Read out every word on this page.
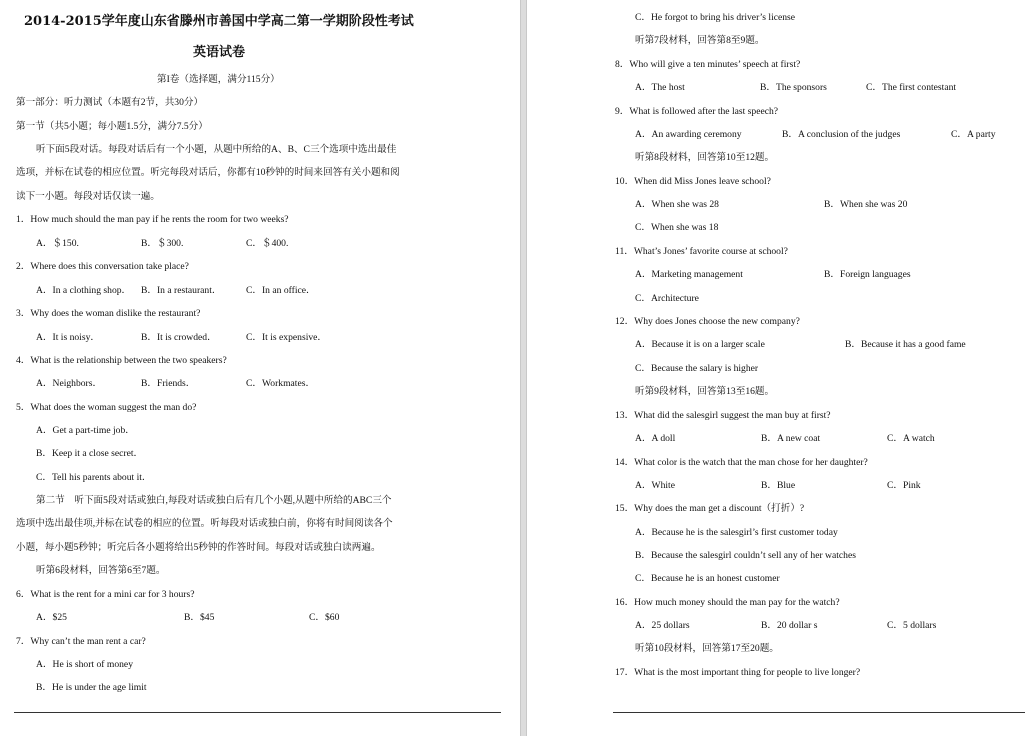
2014-2015学年度山东省滕州市善国中学高二第一学期阶段性考试
英语试卷
第I卷（选择题，满分115分）
第一部分：听力测试（本题有2节，共30分）
第一节（共5小题；每小题1.5分，满分7.5分）
听下面5段对话。每段对话后有一个小题，从题中所给的A、B、C三个选项中选出最佳
选项，并标在试卷的相应位置。听完每段对话后，你都有10秒钟的时间来回答有关小题和阅
读下一小题。每段对话仅读一遍。
1．How much should the man pay if he rents the room for two weeks?
A．＄150.	B．＄300.	C．＄400.
2．Where does this conversation take place?
A．In a clothing shop． B．In a restaurant．	C．In an office．
3．Why does the woman dislike the restaurant?
A．It is noisy．	B．It is crowded．	C．It is expensive．
4．What is the relationship between the two speakers?
A．Neighbors．	B．Friends．	C．Workmates．
5．What does the woman suggest the man do?
A．Get a part-time job．
B．Keep it a close secret．
C．Tell his parents about it．
第二节　听下面5段对话或独白,每段对话或独白后有几个小题,从题中所给的ABC三个
选项中选出最佳项,并标在试卷的相应的位置。听每段对话或独白前，你将有时间阅读各个
小题，每小题5秒钟；听完后各小题将给出5秒钟的作答时间。每段对话或独白读两遍。
听第6段材料，回答第6至7题。
6．What is the rent for a mini car for 3 hours?
A．$25	B．$45	C．$60
7．Why can’t the man rent a car?
A．He is short of money
B．He is under the age limit
C．He forgot to bring his driver’s license
听第7段材料，回答第8至9题。
8．Who will give a ten minutes’ speech at first?
A．The host	B．The sponsors	C．The first contestant
9．What is followed after the last speech?
A．An awarding ceremony	B．A conclusion of the judges	C．A party
听第8段材料，回答第10至12题。
10．When did Miss Jones leave school?
A．When she was 28	B．When she was 20
C．When she was 18
11．What’s Jones’ favorite course at school?
A．Marketing management	B．Foreign languages
C．Architecture
12．Why does Jones choose the new company?
A．Because it is on a larger scale	B．Because it has a good fame
C．Because the salary is higher
听第9段材料，回答第13至16题。
13．What did the salesgirl suggest the man buy at first?
A．A doll	B．A new coat	C．A watch
14．What color is the watch that the man chose for her daughter?
A．White	B．Blue	C．Pink
15．Why does the man get a discount（打折）?
A．Because he is the salesgirl’s first customer today
B．Because the salesgirl couldn’t sell any of her watches
C．Because he is an honest customer
16．How much money should the man pay for the watch?
A．25 dollars	B．20 dollar s	C．5 dollars
听第10段材料，回答第17至20题。
17．What is the most important thing for people to live longer?
